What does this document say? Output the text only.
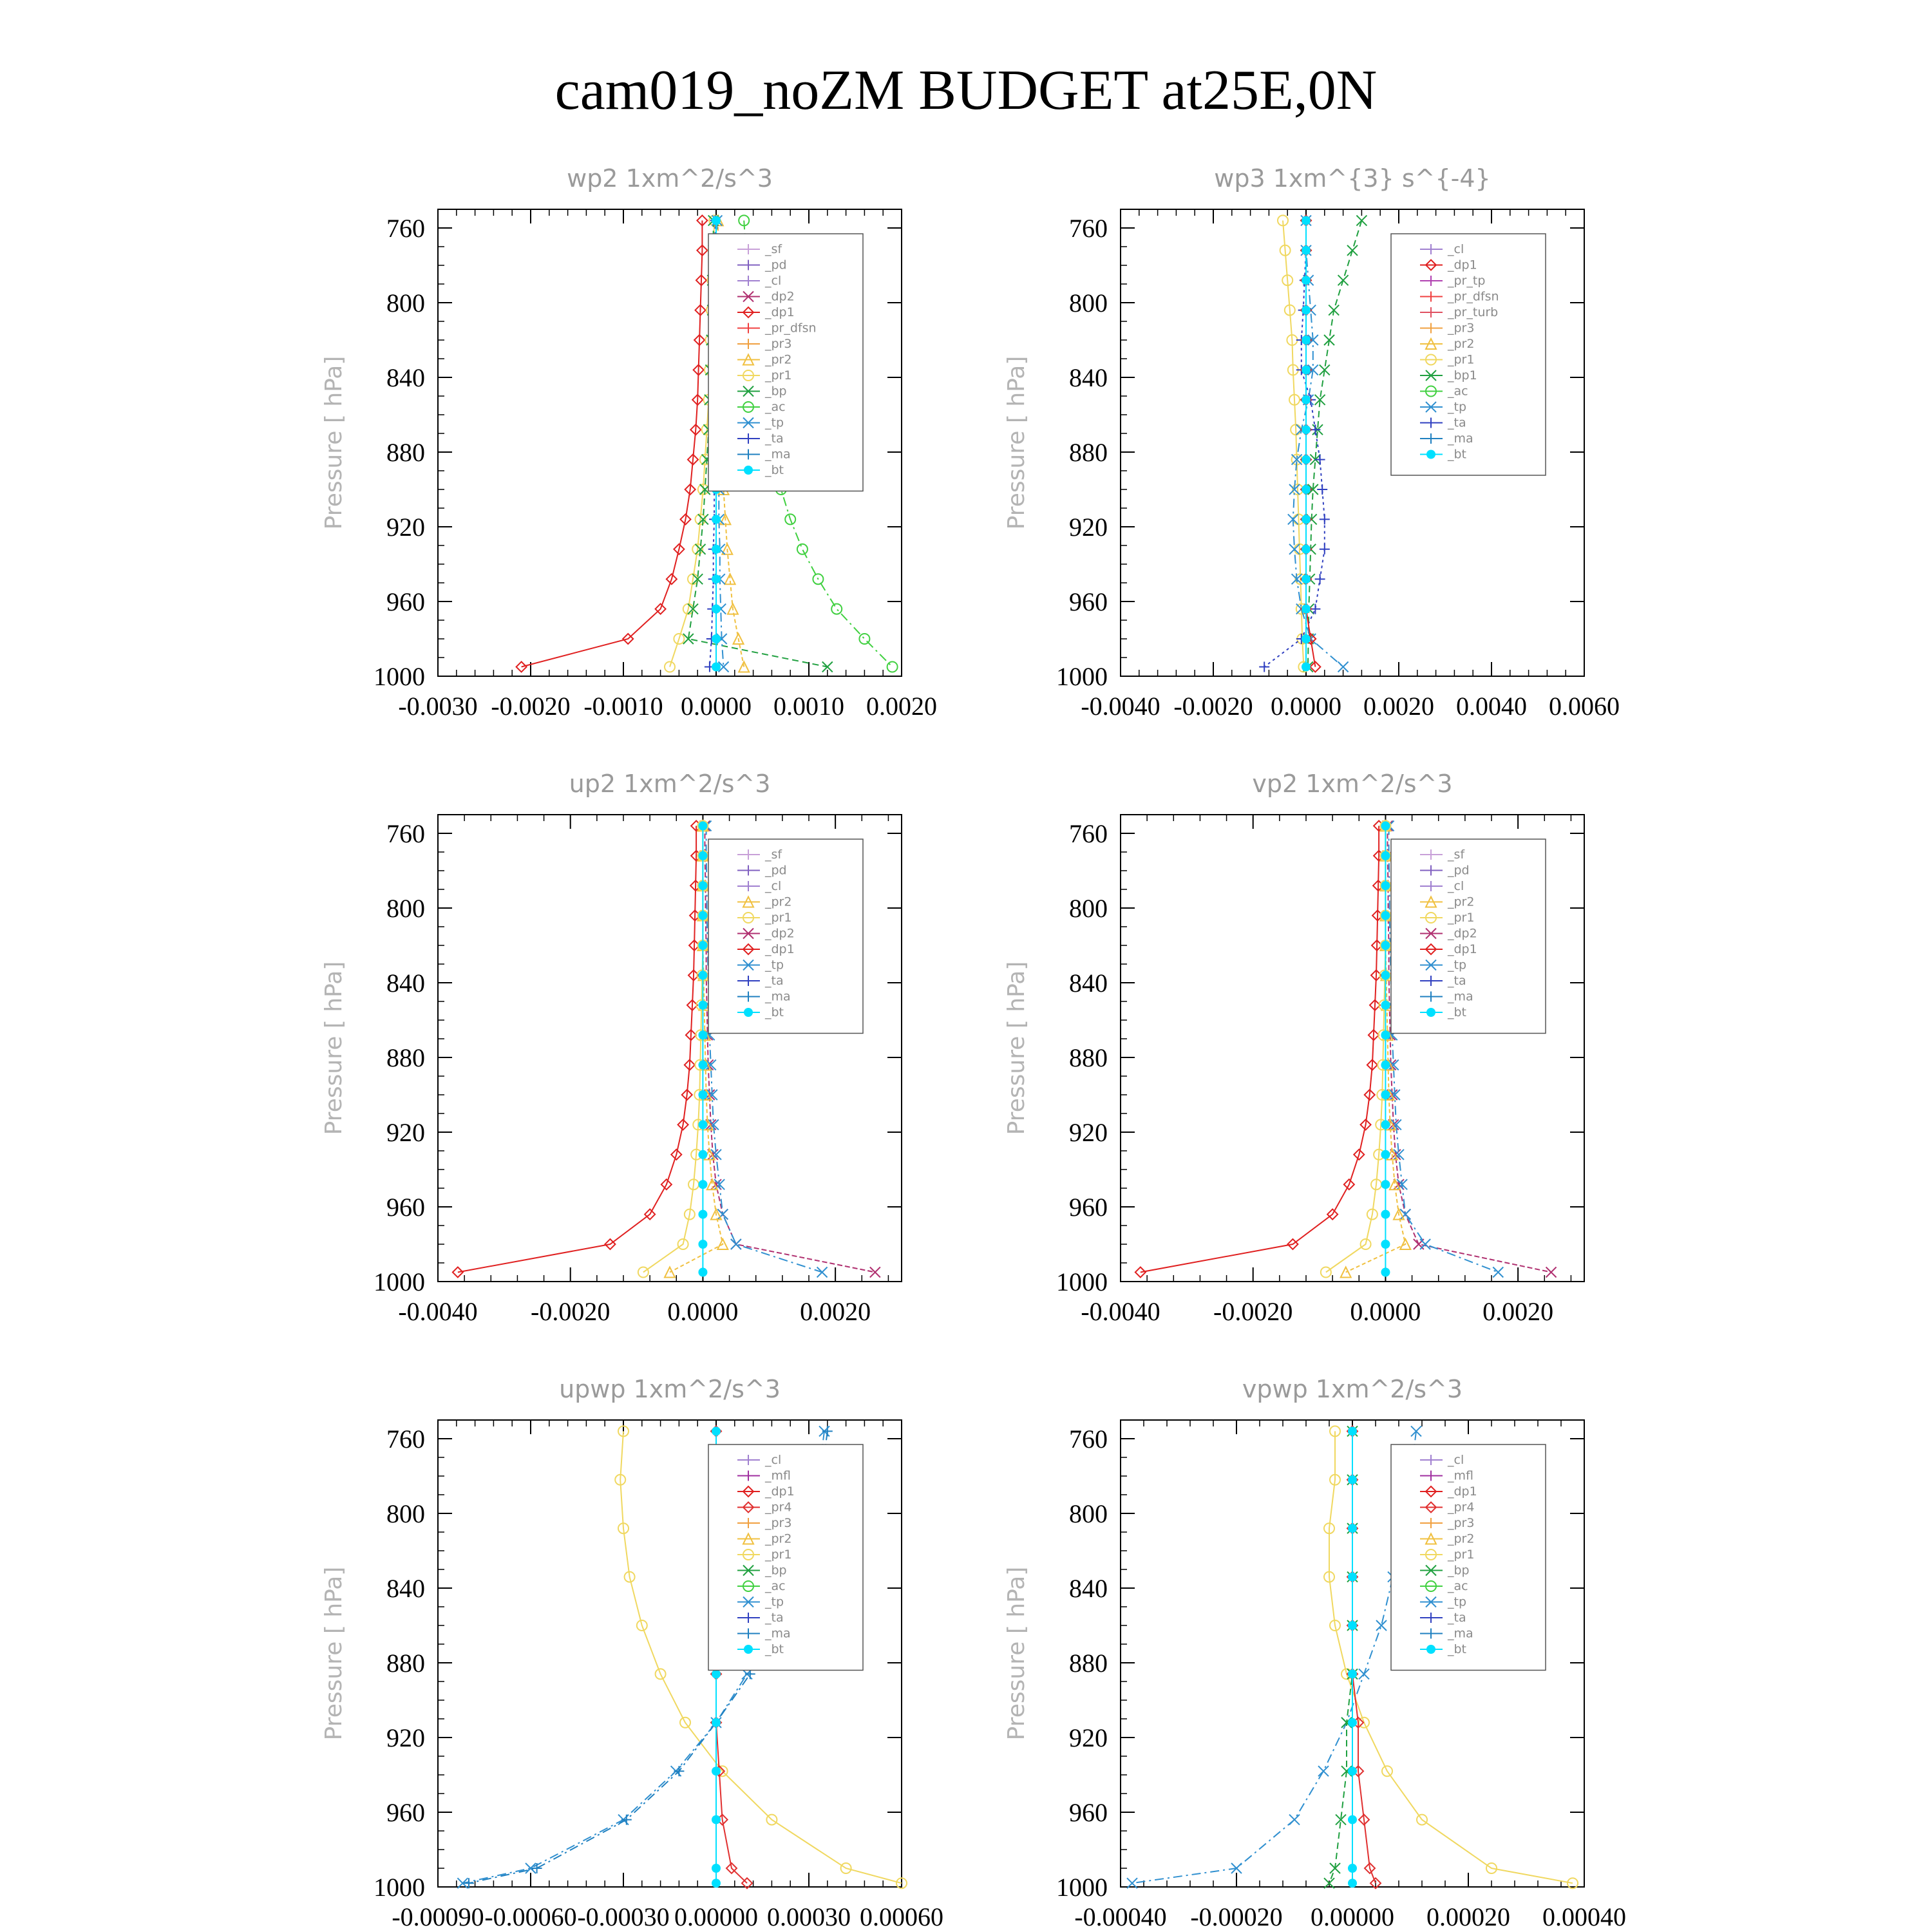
cam019_noZM BUDGET at25E,0N
wp2 1xm^2/s^3
Pressure [ hPa]
760
800
840
880
920
960
1000
-0.0030 -0.0020 -0.0010 0.0000 0.0010 0.0020
_sf
_pd
_cl
_dp2
_dp1
_pr_dfsn
_pr3
_pr2
_pr1
_bp
_ac
_tp
_ta
_ma
_bt
wp3 1xm^{3} s^{-4}
Pressure [ hPa]
760
800
840
880
920
960
1000
-0.0040 -0.0020 0.0000 0.0020 0.0040 0.0060
_cl
_dp1
_pr_tp
_pr_dfsn
_pr_turb
_pr3
_pr2
_pr1
_bp1
_ac
_tp
_ta
_ma
_bt
up2 1xm^2/s^3
Pressure [ hPa]
760
800
840
880
920
960
1000
-0.0040 -0.0020 0.0000 0.0020
_sf
_pd
_cl
_pr2
_pr1
_dp2
_dp1
_tp
_ta
_ma
_bt
vp2 1xm^2/s^3
Pressure [ hPa]
760
800
840
880
920
960
1000
-0.0040 -0.0020 0.0000 0.0020
_sf
_pd
_cl
_pr2
_pr1
_dp2
_dp1
_tp
_ta
_ma
_bt
upwp 1xm^2/s^3
Pressure [ hPa]
760
800
840
880
920
960
1000
-0.00090 -0.00060 -0.00030 0.00000 0.00030 0.00060
_cl
_mfl
_dp1
_pr4
_pr3
_pr2
_pr1
_bp
_ac
_tp
_ta
_ma
_bt
vpwp 1xm^2/s^3
Pressure [ hPa]
760
800
840
880
920
960
1000
-0.00040 -0.00020 0.00000 0.00020 0.00040
_cl
_mfl
_dp1
_pr4
_pr3
_pr2
_pr1
_bp
_ac
_tp
_ta
_ma
_bt
